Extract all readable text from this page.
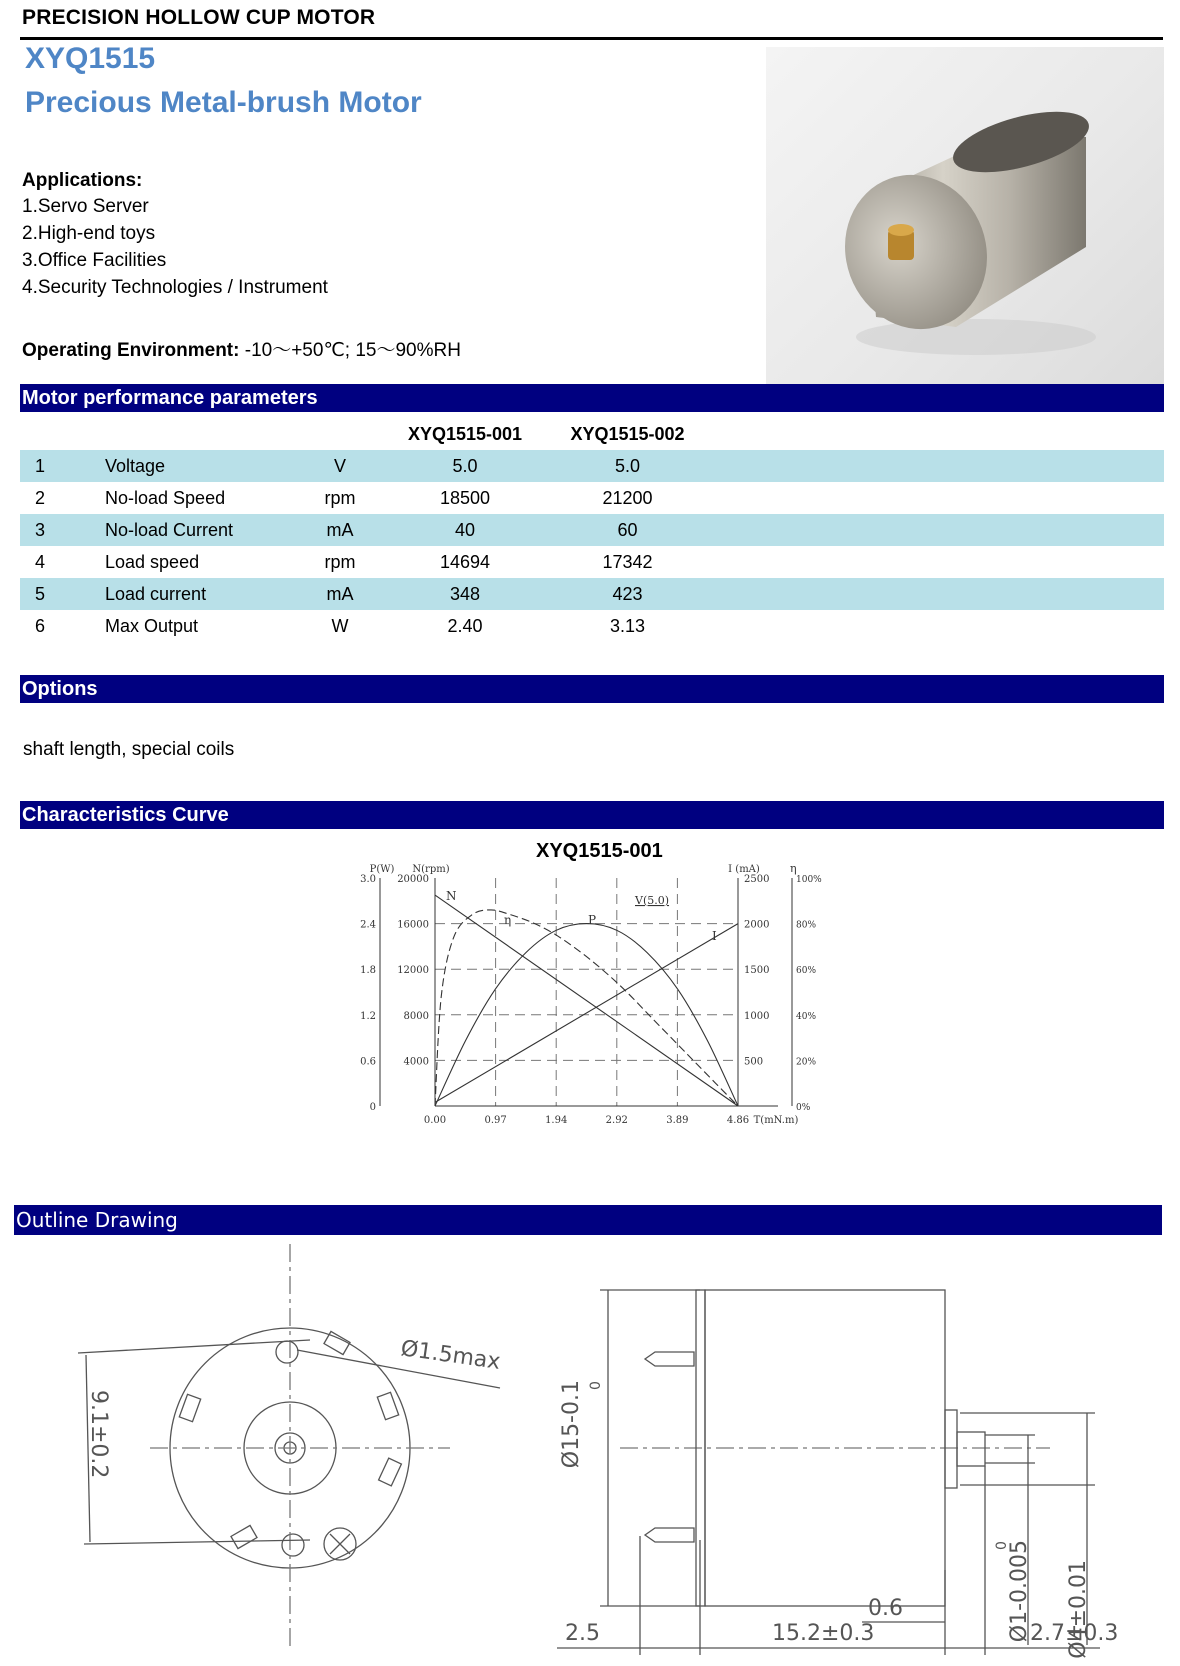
PRECISION HOLLOW CUP MOTOR
XYQ1515
Precious Metal-brush Motor
Applications:
1.Servo Server
2.High-end toys
3.Office Facilities
4.Security Technologies / Instrument
Operating Environment: -10～+50℃; 15～90%RH
Motor performance parameters
			XYQ1515-001	XYQ1515-002	
1	Voltage	V	5.0	5.0	
2	No-load Speed	rpm	18500	21200	
3	No-load Current	mA	40	60	
4	Load speed	rpm	14694	17342	
5	Load current	mA	348	423	
6	Max Output	W	2.40	3.13	
Options
shaft length, special coils
Characteristics Curve
XYQ1515-001
0.00	0.97	1.94	2.92	3.89	4.86 T(mN.m)
0
0.6
1.2
1.8
2.4
3.0
P(W)
4000
8000
12000
16000
20000
N(rpm)
500
1000
1500
2000
2500
I (mA)
0%
20%
40%
60%
80%
100%
η
V(5.0)
N
I
P
η
Outline Drawing
Ø1.5max
9.1±0.2	Ø15-0.1 0
Ø1-0.005
0
Ø4±0.01
0.6
2.5	15.2±0.3	2.7±0.3
